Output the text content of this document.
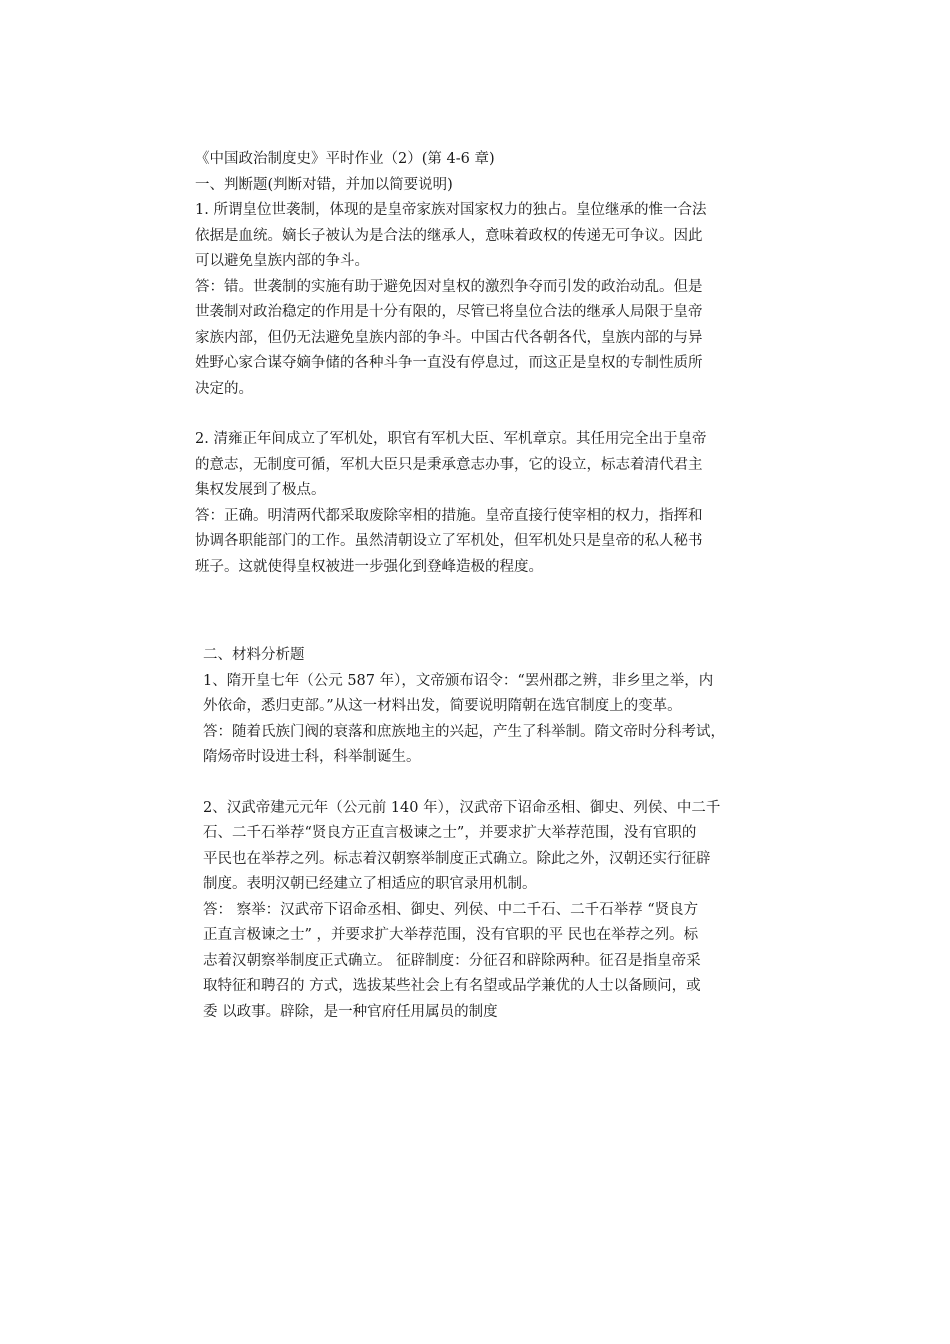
《中国政治制度史》平时作业（2）(第 4-6 章)
一、判断题(判断对错，并加以简要说明)
1. 所谓皇位世袭制，体现的是皇帝家族对国家权力的独占。皇位继承的惟一合法
依据是血统。嫡长子被认为是合法的继承人，意味着政权的传递无可争议。因此
可以避免皇族内部的争斗。
答：错。世袭制的实施有助于避免因对皇权的激烈争夺而引发的政治动乱。但是
世袭制对政治稳定的作用是十分有限的，尽管已将皇位合法的继承人局限于皇帝
家族内部，但仍无法避免皇族内部的争斗。中国古代各朝各代，皇族内部的与异
姓野心家合谋夺嫡争储的各种斗争一直没有停息过，而这正是皇权的专制性质所
决定的。
2. 清雍正年间成立了军机处，职官有军机大臣、军机章京。其任用完全出于皇帝
的意志，无制度可循，军机大臣只是秉承意志办事，它的设立，标志着清代君主
集权发展到了极点。
答：正确。明清两代都采取废除宰相的措施。皇帝直接行使宰相的权力，指挥和
协调各职能部门的工作。虽然清朝设立了军机处，但军机处只是皇帝的私人秘书
班子。这就使得皇权被进一步强化到登峰造极的程度。
二、材料分析题
1、隋开皇七年（公元 587 年），文帝颁布诏令：“罢州郡之辨，非乡里之举，内
外依命，悉归吏部。”从这一材料出发，简要说明隋朝在选官制度上的变革。
答：随着氏族门阀的衰落和庶族地主的兴起，产生了科举制。隋文帝时分科考试，
隋炀帝时设进士科，科举制诞生。
2、汉武帝建元元年（公元前 140 年），汉武帝下诏命丞相、御史、列侯、中二千
石、二千石举荐“贤良方正直言极谏之士”，并要求扩大举荐范围，没有官职的
平民也在举荐之列。标志着汉朝察举制度正式确立。除此之外，汉朝还实行征辟
制度。表明汉朝已经建立了相适应的职官录用机制。
答： 察举：汉武帝下诏命丞相、御史、列侯、中二千石、二千石举荐 “贤良方
正直言极谏之士” ，并要求扩大举荐范围，没有官职的平 民也在举荐之列。标
志着汉朝察举制度正式确立。 征辟制度：分征召和辟除两种。征召是指皇帝采
取特征和聘召的 方式，选拔某些社会上有名望或品学兼优的人士以备顾问，或
委 以政事。辟除，是一种官府任用属员的制度
